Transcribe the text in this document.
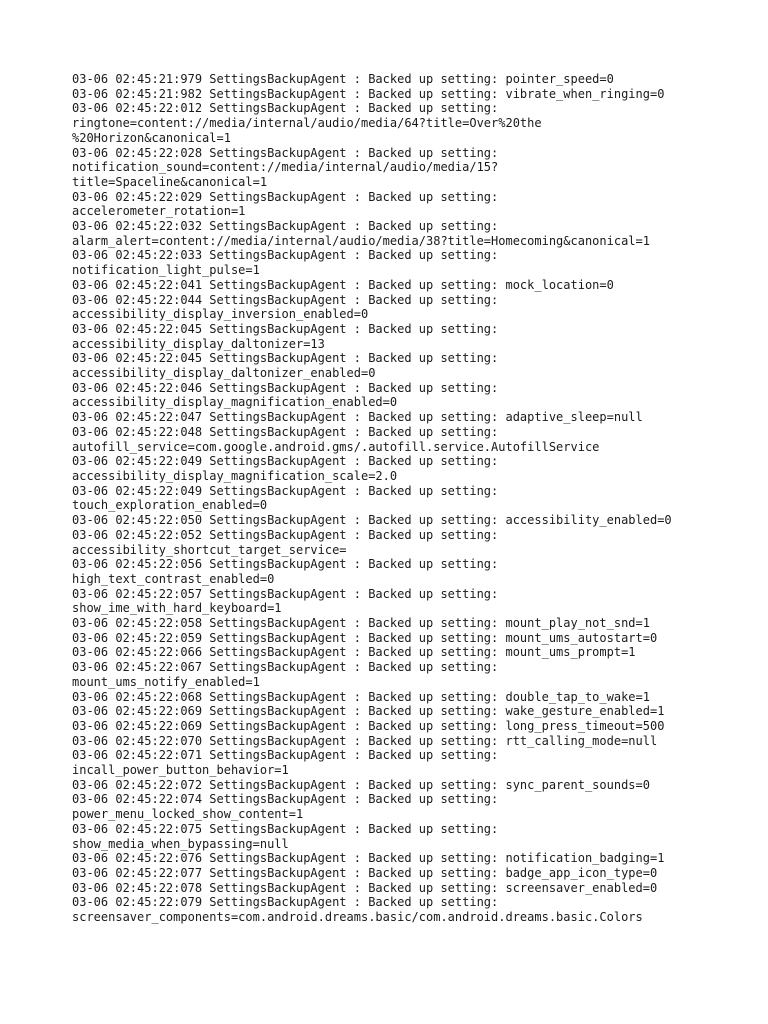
03-06 02:45:21:979 SettingsBackupAgent : Backed up setting: pointer_speed=0
03-06 02:45:21:982 SettingsBackupAgent : Backed up setting: vibrate_when_ringing=0
03-06 02:45:22:012 SettingsBackupAgent : Backed up setting:
ringtone=content://media/internal/audio/media/64?title=Over%20the
%20Horizon&canonical=1
03-06 02:45:22:028 SettingsBackupAgent : Backed up setting:
notification_sound=content://media/internal/audio/media/15?
title=Spaceline&canonical=1
03-06 02:45:22:029 SettingsBackupAgent : Backed up setting:
accelerometer_rotation=1
03-06 02:45:22:032 SettingsBackupAgent : Backed up setting:
alarm_alert=content://media/internal/audio/media/38?title=Homecoming&canonical=1
03-06 02:45:22:033 SettingsBackupAgent : Backed up setting:
notification_light_pulse=1
03-06 02:45:22:041 SettingsBackupAgent : Backed up setting: mock_location=0
03-06 02:45:22:044 SettingsBackupAgent : Backed up setting:
accessibility_display_inversion_enabled=0
03-06 02:45:22:045 SettingsBackupAgent : Backed up setting:
accessibility_display_daltonizer=13
03-06 02:45:22:045 SettingsBackupAgent : Backed up setting:
accessibility_display_daltonizer_enabled=0
03-06 02:45:22:046 SettingsBackupAgent : Backed up setting:
accessibility_display_magnification_enabled=0
03-06 02:45:22:047 SettingsBackupAgent : Backed up setting: adaptive_sleep=null
03-06 02:45:22:048 SettingsBackupAgent : Backed up setting:
autofill_service=com.google.android.gms/.autofill.service.AutofillService
03-06 02:45:22:049 SettingsBackupAgent : Backed up setting:
accessibility_display_magnification_scale=2.0
03-06 02:45:22:049 SettingsBackupAgent : Backed up setting:
touch_exploration_enabled=0
03-06 02:45:22:050 SettingsBackupAgent : Backed up setting: accessibility_enabled=0
03-06 02:45:22:052 SettingsBackupAgent : Backed up setting:
accessibility_shortcut_target_service=
03-06 02:45:22:056 SettingsBackupAgent : Backed up setting:
high_text_contrast_enabled=0
03-06 02:45:22:057 SettingsBackupAgent : Backed up setting:
show_ime_with_hard_keyboard=1
03-06 02:45:22:058 SettingsBackupAgent : Backed up setting: mount_play_not_snd=1
03-06 02:45:22:059 SettingsBackupAgent : Backed up setting: mount_ums_autostart=0
03-06 02:45:22:066 SettingsBackupAgent : Backed up setting: mount_ums_prompt=1
03-06 02:45:22:067 SettingsBackupAgent : Backed up setting:
mount_ums_notify_enabled=1
03-06 02:45:22:068 SettingsBackupAgent : Backed up setting: double_tap_to_wake=1
03-06 02:45:22:069 SettingsBackupAgent : Backed up setting: wake_gesture_enabled=1
03-06 02:45:22:069 SettingsBackupAgent : Backed up setting: long_press_timeout=500
03-06 02:45:22:070 SettingsBackupAgent : Backed up setting: rtt_calling_mode=null
03-06 02:45:22:071 SettingsBackupAgent : Backed up setting:
incall_power_button_behavior=1
03-06 02:45:22:072 SettingsBackupAgent : Backed up setting: sync_parent_sounds=0
03-06 02:45:22:074 SettingsBackupAgent : Backed up setting:
power_menu_locked_show_content=1
03-06 02:45:22:075 SettingsBackupAgent : Backed up setting:
show_media_when_bypassing=null
03-06 02:45:22:076 SettingsBackupAgent : Backed up setting: notification_badging=1
03-06 02:45:22:077 SettingsBackupAgent : Backed up setting: badge_app_icon_type=0
03-06 02:45:22:078 SettingsBackupAgent : Backed up setting: screensaver_enabled=0
03-06 02:45:22:079 SettingsBackupAgent : Backed up setting:
screensaver_components=com.android.dreams.basic/com.android.dreams.basic.Colors
